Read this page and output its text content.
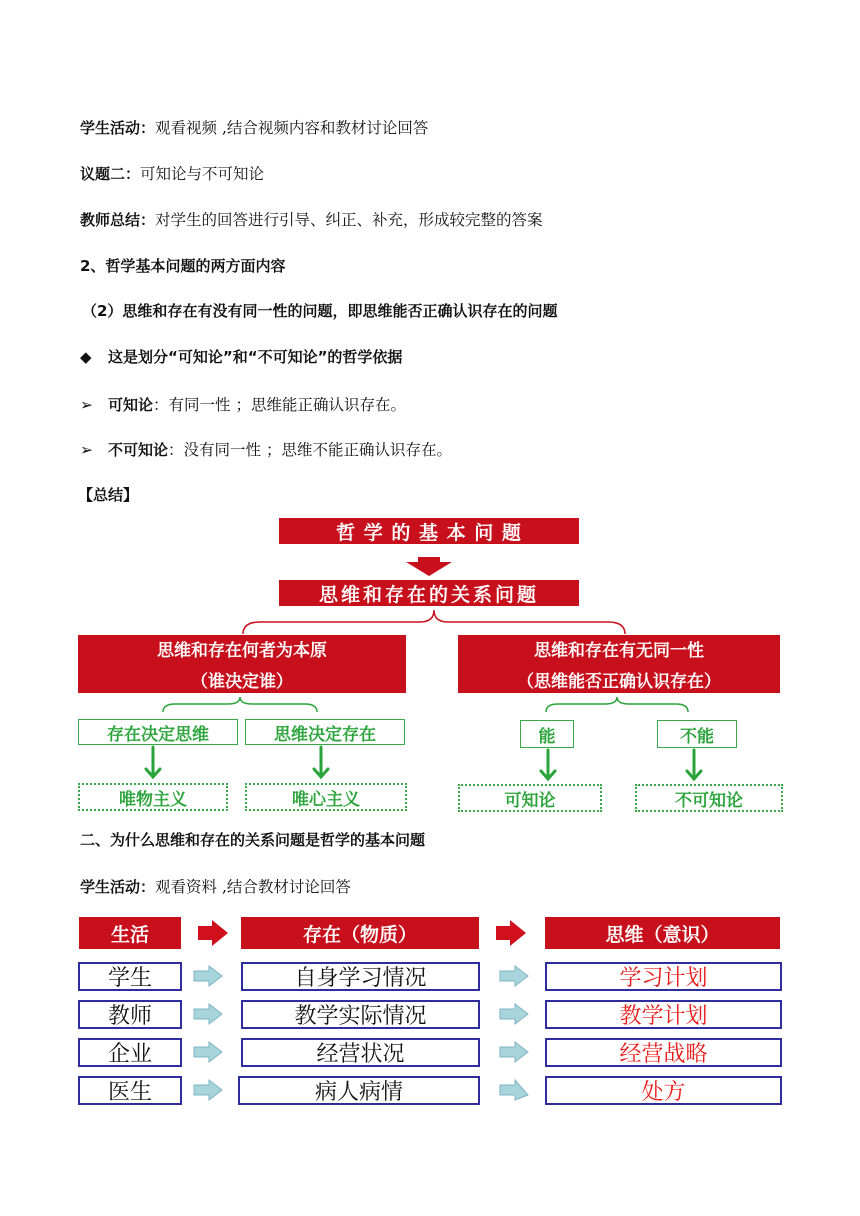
学生活动：观看视频 ,结合视频内容和教材讨论回答
议题二：可知论与不可知论
教师总结：对学生的回答进行引导、纠正、补充，形成较完整的答案
2、哲学基本问题的两方面内容
（2）思维和存在有没有同一性的问题，即思维能否正确认识存在的问题
◆ 这是划分“可知论”和“不可知论”的哲学依据
➢ 可知论：有同一性 ；思维能正确认识存在。
➢ 不可知论：没有同一性 ；思维不能正确认识存在。
【总结】
哲 学 的 基 本 问 题
思维和存在的关系问题
思维和存在何者为本原
（谁决定谁）
思维和存在有无同一性
（思维能否正确认识存在）
存在决定思维	思维决定存在	能	不能
唯物主义	唯心主义	可知论	不可知论
二、为什么思维和存在的关系问题是哲学的基本问题
学生活动：观看资料 ,结合教材讨论回答
生活	存在（物质）	思维（意识）
学生	自身学习情况	学习计划
教师	教学实际情况	教学计划
企业	经营状况	经营战略
医生	病人病情	处方
